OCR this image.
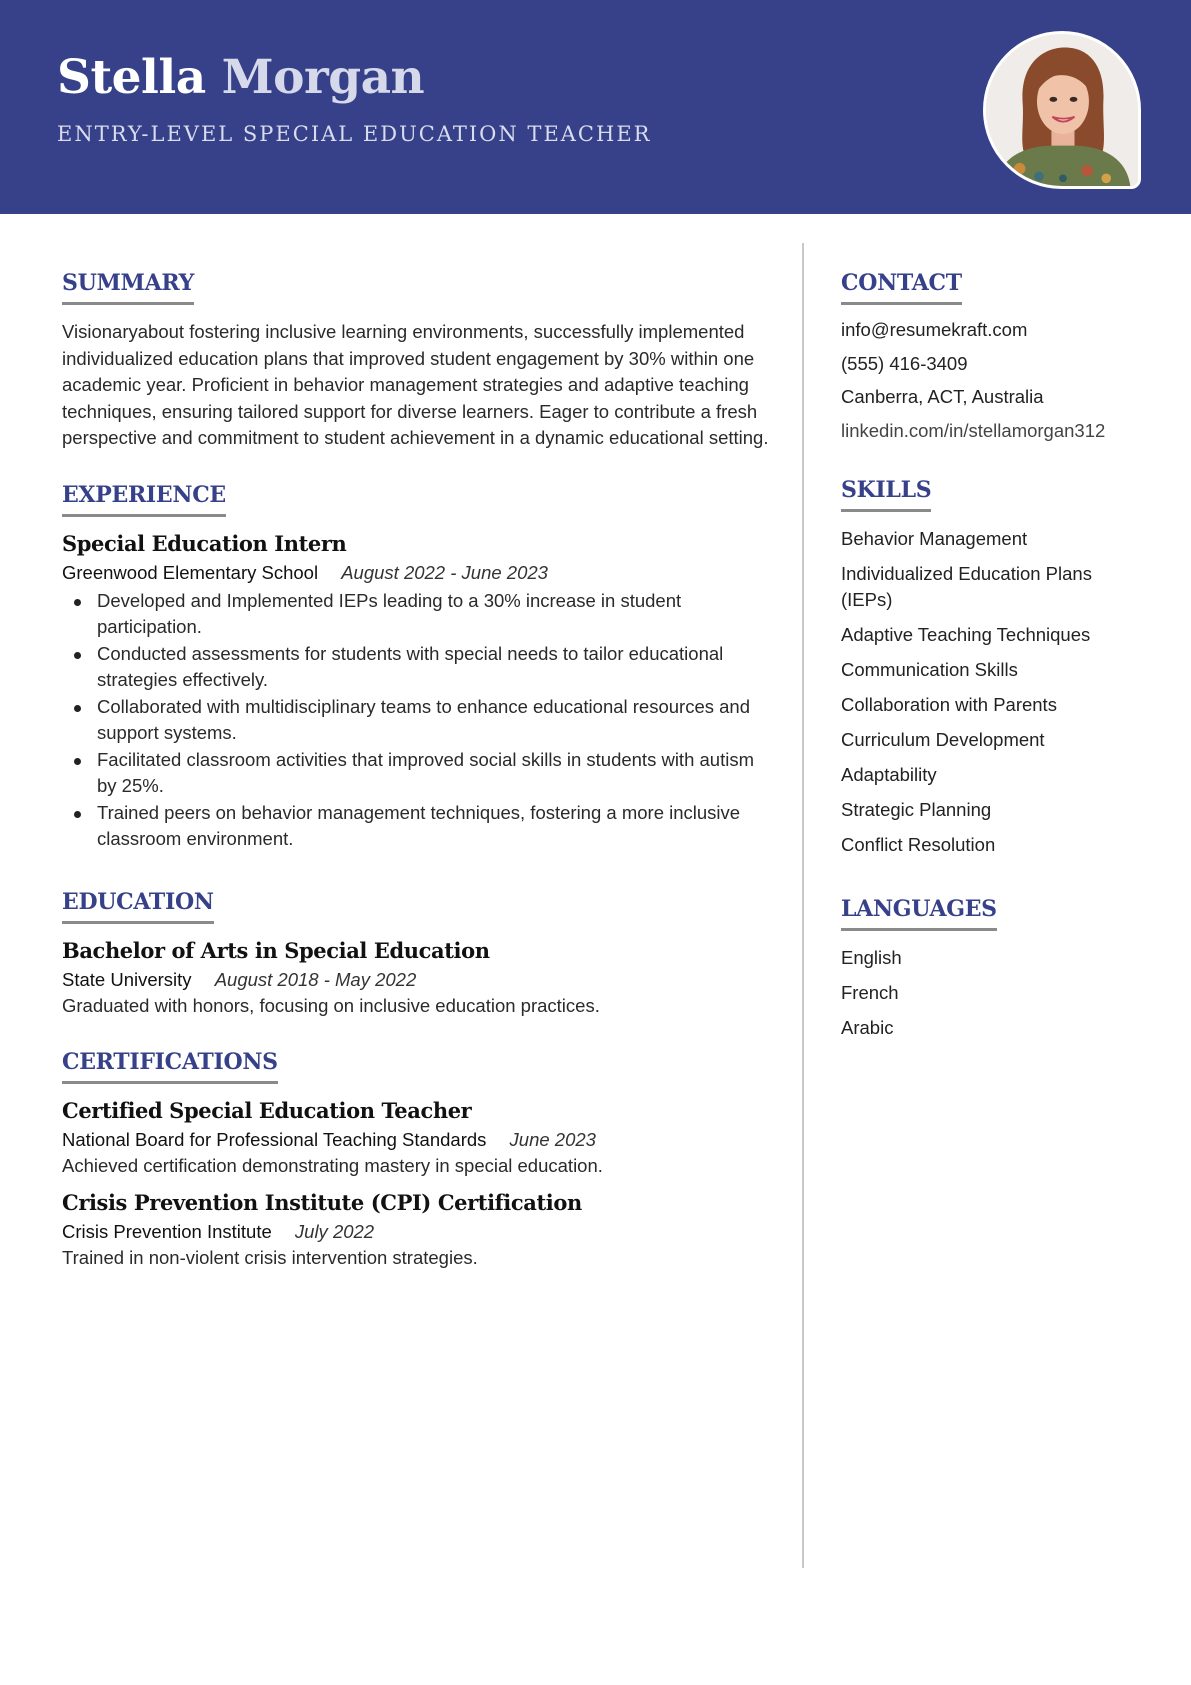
Stella Morgan
ENTRY-LEVEL SPECIAL EDUCATION TEACHER
SUMMARY

Visionaryabout fostering inclusive learning environments, successfully implemented individualized education plans that improved student engagement by 30% within one academic year. Proficient in behavior management strategies and adaptive teaching techniques, ensuring tailored support for diverse learners. Eager to contribute a fresh perspective and commitment to student achievement in a dynamic educational setting.

EXPERIENCE
Special Education Intern
Greenwood Elementary School August 2022 - June 2023
Developed and Implemented IEPs leading to a 30% increase in student participation.
Conducted assessments for students with special needs to tailor educational strategies effectively.
Collaborated with multidisciplinary teams to enhance educational resources and support systems.
Facilitated classroom activities that improved social skills in students with autism by 25%.
Trained peers on behavior management techniques, fostering a more inclusive classroom environment.
EDUCATION
Bachelor of Arts in Special Education
State University August 2018 - May 2022

Graduated with honors, focusing on inclusive education practices.

CERTIFICATIONS
Certified Special Education Teacher
National Board for Professional Teaching Standards June 2023

Achieved certification demonstrating mastery in special education.

Crisis Prevention Institute (CPI) Certification
Crisis Prevention Institute July 2022

Trained in non-violent crisis intervention strategies.

CONTACT
info@resumekraft.com
(555) 416-3409
Canberra, ACT, Australia
linkedin.com/in/stellamorgan312
SKILLS
Behavior Management
Individualized Education Plans (IEPs)
Adaptive Teaching Techniques
Communication Skills
Collaboration with Parents
Curriculum Development
Adaptability
Strategic Planning
Conflict Resolution
LANGUAGES
English
French
Arabic
